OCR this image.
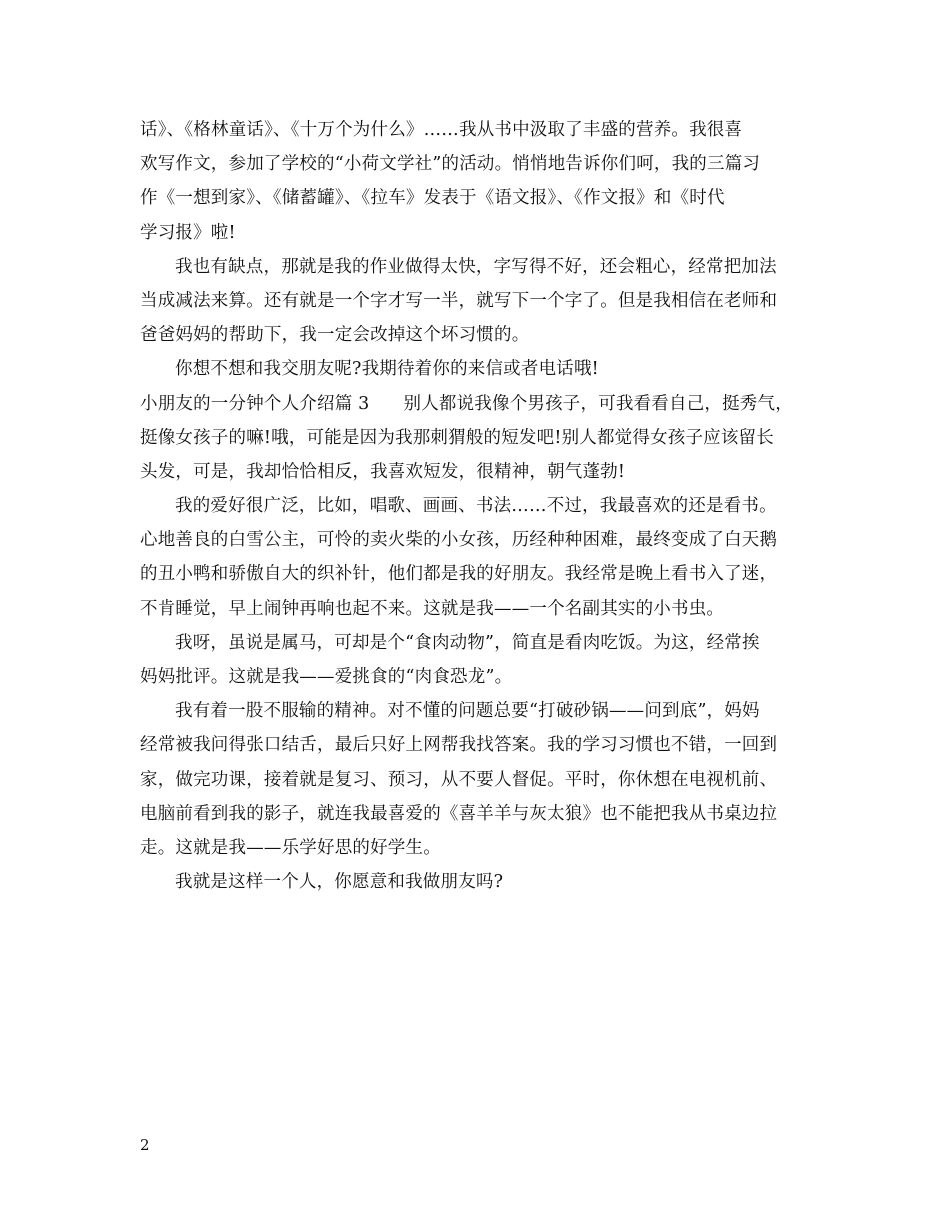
话》、《格林童话》、《十万个为什么》……我从书中汲取了丰盛的营养。我很喜
欢写作文，参加了学校的“小荷文学社”的活动。悄悄地告诉你们呵，我的三篇习
作《一想到家》、《储蓄罐》、《拉车》发表于《语文报》、《作文报》和《时代
学习报》啦!
我也有缺点，那就是我的作业做得太快，字写得不好，还会粗心，经常把加法
当成减法来算。还有就是一个字才写一半，就写下一个字了。但是我相信在老师和
爸爸妈妈的帮助下，我一定会改掉这个坏习惯的。
你想不想和我交朋友呢?我期待着你的来信或者电话哦!
小朋友的一分钟个人介绍篇 3 别人都说我像个男孩子，可我看看自己，挺秀气，
挺像女孩子的嘛!哦，可能是因为我那刺猬般的短发吧!别人都觉得女孩子应该留长
头发，可是，我却恰恰相反，我喜欢短发，很精神，朝气蓬勃!
我的爱好很广泛，比如，唱歌、画画、书法……不过，我最喜欢的还是看书。
心地善良的白雪公主，可怜的卖火柴的小女孩，历经种种困难，最终变成了白天鹅
的丑小鸭和骄傲自大的织补针，他们都是我的好朋友。我经常是晚上看书入了迷，
不肯睡觉，早上闹钟再响也起不来。这就是我——一个名副其实的小书虫。
我呀，虽说是属马，可却是个“食肉动物”，简直是看肉吃饭。为这，经常挨
妈妈批评。这就是我——爱挑食的“肉食恐龙”。
我有着一股不服输的精神。对不懂的问题总要“打破砂锅——问到底”，妈妈
经常被我问得张口结舌，最后只好上网帮我找答案。我的学习习惯也不错，一回到
家，做完功课，接着就是复习、预习，从不要人督促。平时，你休想在电视机前、
电脑前看到我的影子，就连我最喜爱的《喜羊羊与灰太狼》也不能把我从书桌边拉
走。这就是我——乐学好思的好学生。
我就是这样一个人，你愿意和我做朋友吗?
2
